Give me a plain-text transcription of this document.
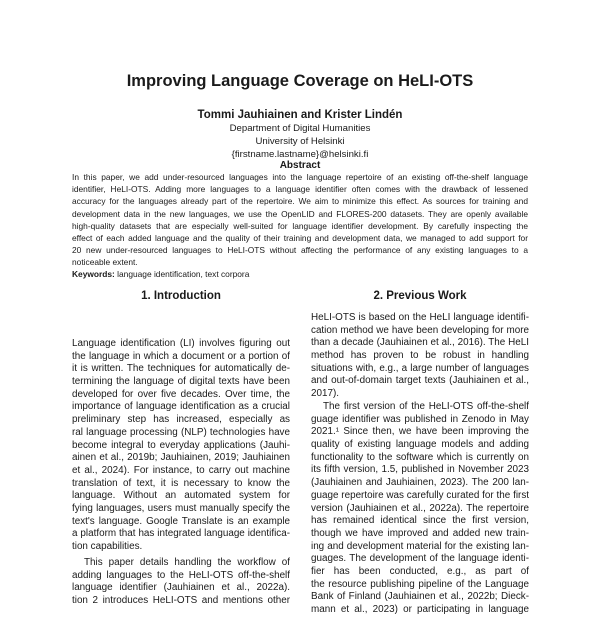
Improving Language Coverage on HeLI-OTS
Tommi Jauhiainen and Krister Lindén
Department of Digital Humanities
University of Helsinki
{firstname.lastname}@helsinki.fi
Abstract
In this paper, we add under-resourced languages into the language repertoire of an existing off-the-shelf language
identifier, HeLI-OTS. Adding more languages to a language identifier often comes with the drawback of lessened
accuracy for the languages already part of the repertoire. We aim to minimize this effect. As sources for training and
development data in the new languages, we use the OpenLID and FLORES-200 datasets. They are openly available
high-quality datasets that are especially well-suited for language identifier development. By carefully inspecting the
effect of each added language and the quality of their training and development data, we managed to add support for
20 new under-resourced languages to HeLI-OTS without affecting the performance of any existing languages to a
noticeable extent.
Keywords: language identification, text corpora
1. Introduction	2. Previous Work
Language identification (LI) involves figuring out
the language in which a document or a portion of
it is written. The techniques for automatically de-
termining the language of digital texts have been
developed for over five decades. Over time, the
importance of language identification as a crucial
preliminary step has increased, especially as
ral language processing (NLP) technologies have
become integral to everyday applications (Jauhi-
ainen et al., 2019b; Jauhiainen, 2019; Jauhiainen
et al., 2024). For instance, to carry out machine
translation of text, it is necessary to know the
language. Without an automated system for
fying languages, users must manually specify the
text's language. Google Translate is an example
a platform that has integrated language identifica-
tion capabilities.
This paper details handling the workflow of
adding languages to the HeLI-OTS off-the-shelf
language identifier (Jauhiainen et al., 2022a).
tion 2 introduces HeLI-OTS and mentions other
HeLI-OTS is based on the HeLI language identifi-
cation method we have been developing for more
than a decade (Jauhiainen et al., 2016). The HeLI
method has proven to be robust in handling
situations with, e.g., a large number of languages
and out-of-domain target texts (Jauhiainen et al.,
2017).
The first version of the HeLI-OTS off-the-shelf
guage identifier was published in Zenodo in May
2021.¹ Since then, we have been improving the
quality of existing language models and adding
functionality to the software which is currently on
its fifth version, 1.5, published in November 2023
(Jauhiainen and Jauhiainen, 2023). The 200 lan-
guage repertoire was carefully curated for the first
version (Jauhiainen et al., 2022a). The repertoire
has remained identical since the first version,
though we have improved and added new train-
ing and development material for the existing lan-
guages. The development of the language identi-
fier has been conducted, e.g., as part of
the resource publishing pipeline of the Language
Bank of Finland (Jauhiainen et al., 2022b; Dieck-
mann et al., 2023) or participating in language
